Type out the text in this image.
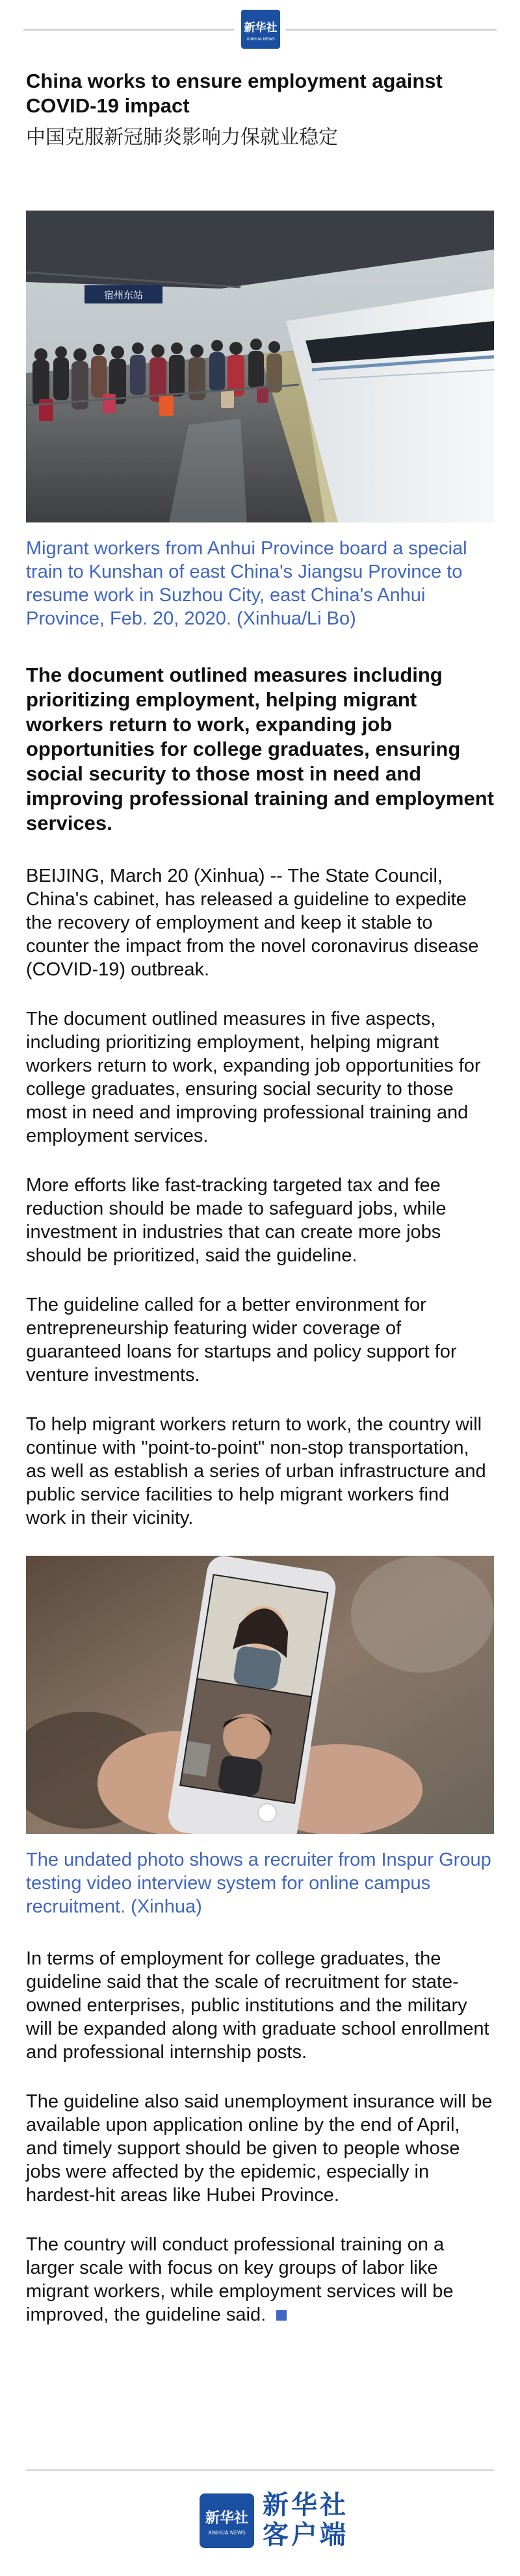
新华社
XINHUA NEWS
China works to ensure employment against COVID-19 impact
中国克服新冠肺炎影响力保就业稳定
宿州东站

Migrant workers from Anhui Province board a special train to Kunshan of east China's Jiangsu Province to resume work in Suzhou City, east China's Anhui Province, Feb. 20, 2020. (Xinhua/Li Bo)

The document outlined measures including prioritizing employment, helping migrant workers return to work, expanding job opportunities for college graduates, ensuring social security to those most in need and improving professional training and employment services.

BEIJING, March 20 (Xinhua) -- The State Council, China's cabinet, has released a guideline to expedite the recovery of employment and keep it stable to counter the impact from the novel coronavirus disease (COVID-19) outbreak.

The document outlined measures in five aspects, including prioritizing employment, helping migrant workers return to work, expanding job opportunities for college graduates, ensuring social security to those most in need and improving professional training and employment services.

More efforts like fast-tracking targeted tax and fee reduction should be made to safeguard jobs, while investment in industries that can create more jobs should be prioritized, said the guideline.

The guideline called for a better environment for entrepreneurship featuring wider coverage of guaranteed loans for startups and policy support for venture investments.

To help migrant workers return to work, the country will continue with "point-to-point" non-stop transportation, as well as establish a series of urban infrastructure and public service facilities to help migrant workers find work in their vicinity.

The undated photo shows a recruiter from Inspur Group testing video interview system for online campus recruitment. (Xinhua)

In terms of employment for college graduates, the guideline said that the scale of recruitment for state-owned enterprises, public institutions and the military will be expanded along with graduate school enrollment and professional internship posts.

The guideline also said unemployment insurance will be available upon application online by the end of April, and timely support should be given to people whose jobs were affected by the epidemic, especially in hardest-hit areas like Hubei Province.

The country will conduct professional training on a larger scale with focus on key groups of labor like migrant workers, while employment services will be improved, the guideline said.

新华社
XINHUA NEWS
新华社
客户端
